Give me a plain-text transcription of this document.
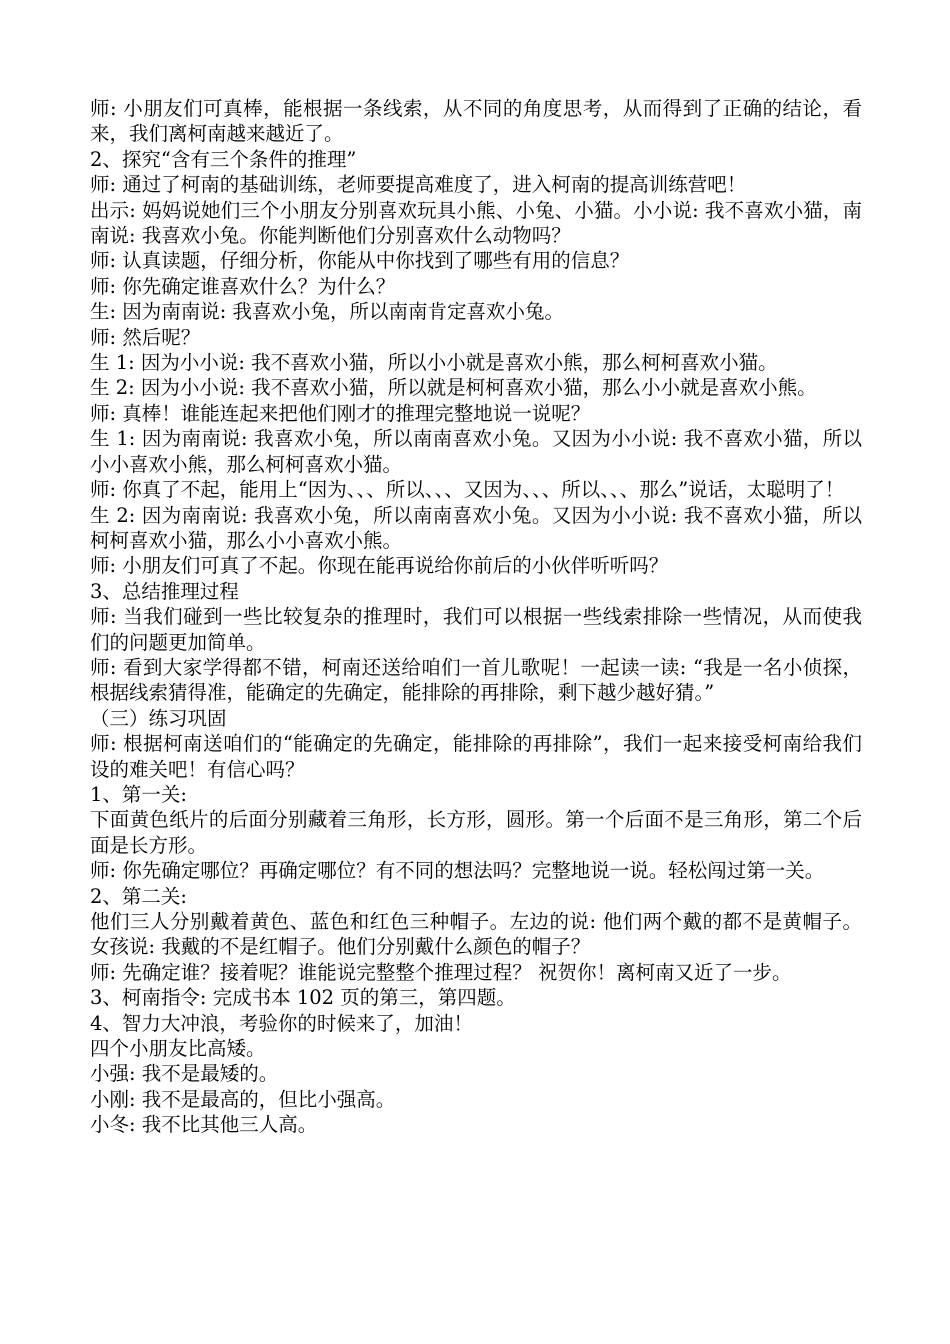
师: 小朋友们可真棒，能根据一条线索，从不同的角度思考，从而得到了正确的结论，看来，我们离柯南越来越近了。

2、探究“含有三个条件的推理”

师: 通过了柯南的基础训练，老师要提高难度了，进入柯南的提高训练营吧！

出示: 妈妈说她们三个小朋友分别喜欢玩具小熊、小兔、小猫。小小说: 我不喜欢小猫，南南说: 我喜欢小兔。你能判断他们分别喜欢什么动物吗？

师: 认真读题，仔细分析，你能从中你找到了哪些有用的信息？

师: 你先确定谁喜欢什么？为什么？

生: 因为南南说: 我喜欢小兔，所以南南肯定喜欢小兔。

师: 然后呢？

生 1: 因为小小说: 我不喜欢小猫，所以小小就是喜欢小熊，那么柯柯喜欢小猫。

生 2: 因为小小说: 我不喜欢小猫，所以就是柯柯喜欢小猫，那么小小就是喜欢小熊。

师: 真棒！谁能连起来把他们刚才的推理完整地说一说呢？

生 1: 因为南南说: 我喜欢小兔，所以南南喜欢小兔。又因为小小说: 我不喜欢小猫，所以小小喜欢小熊，那么柯柯喜欢小猫。

师: 你真了不起，能用上“因为、、、所以、、、又因为、、、所以、、、那么”说话，太聪明了！

生 2: 因为南南说: 我喜欢小兔，所以南南喜欢小兔。又因为小小说: 我不喜欢小猫，所以柯柯喜欢小猫，那么小小喜欢小熊。

师: 小朋友们可真了不起。你现在能再说给你前后的小伙伴听听吗？

3、总结推理过程

师: 当我们碰到一些比较复杂的推理时，我们可以根据一些线索排除一些情况，从而使我们的问题更加简单。

师: 看到大家学得都不错，柯南还送给咱们一首儿歌呢！一起读一读: “我是一名小侦探，根据线索猜得准，能确定的先确定，能排除的再排除，剩下越少越好猜。”

（三）练习巩固

师: 根据柯南送咱们的“能确定的先确定，能排除的再排除”，我们一起来接受柯南给我们设的难关吧！有信心吗？

1、第一关:

下面黄色纸片的后面分别藏着三角形，长方形，圆形。第一个后面不是三角形，第二个后面是长方形。

师: 你先确定哪位？再确定哪位？有不同的想法吗？完整地说一说。轻松闯过第一关。

2、第二关:

他们三人分别戴着黄色、蓝色和红色三种帽子。左边的说: 他们两个戴的都不是黄帽子。女孩说: 我戴的不是红帽子。他们分别戴什么颜色的帽子？

师: 先确定谁？接着呢？谁能说完整整个推理过程？ 祝贺你！离柯南又近了一步。

3、柯南指令: 完成书本 102 页的第三，第四题。

4、智力大冲浪，考验你的时候来了，加油！

四个小朋友比高矮。

小强: 我不是最矮的。

小刚: 我不是最高的，但比小强高。

小冬: 我不比其他三人高。
